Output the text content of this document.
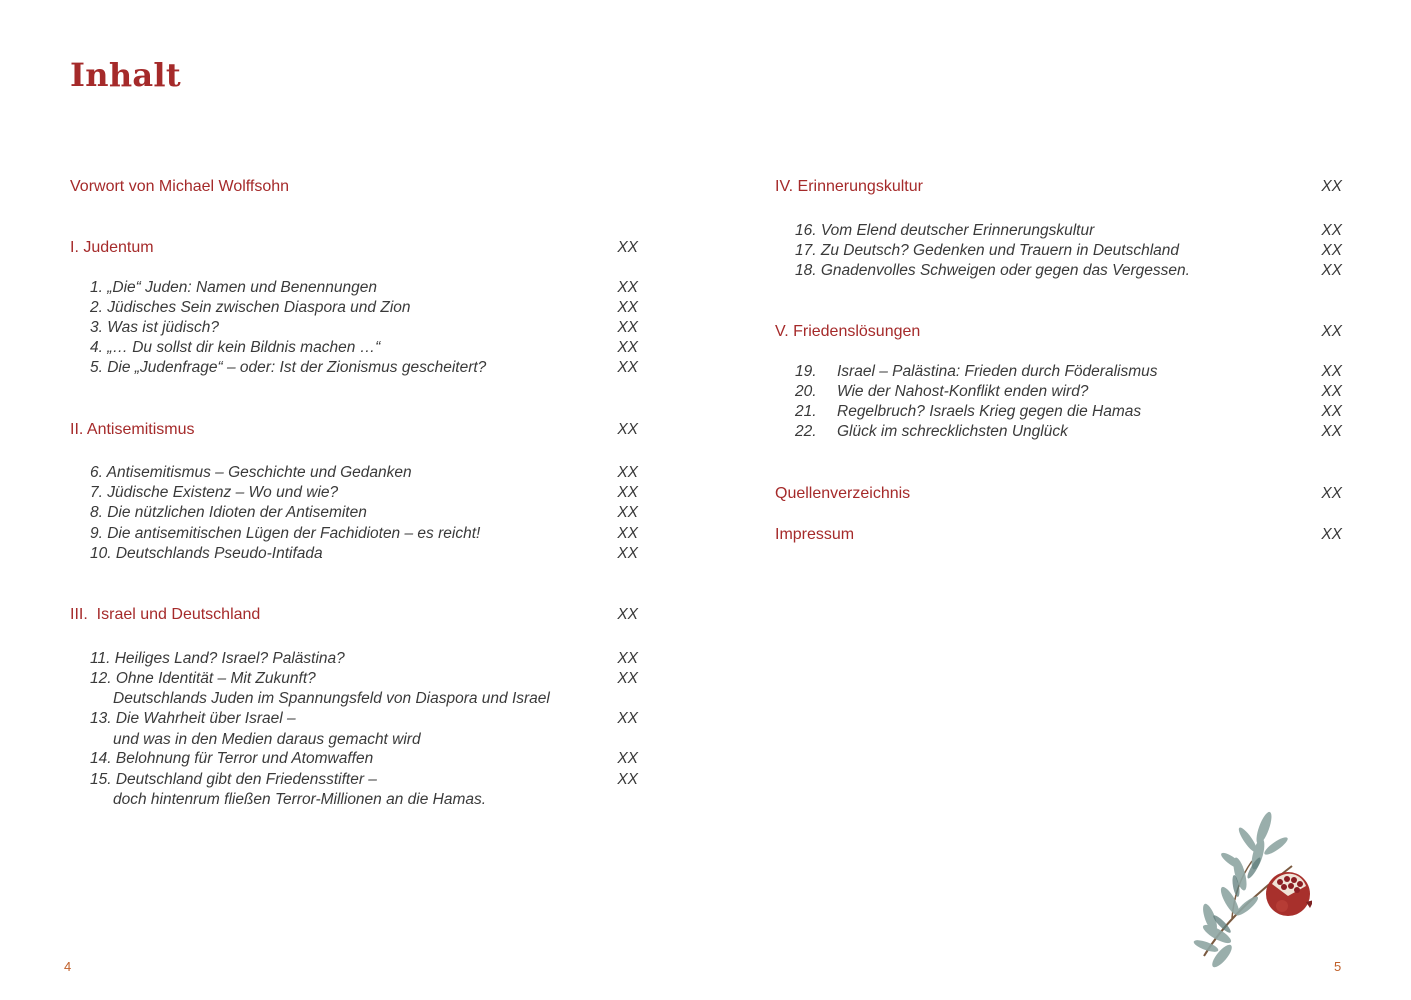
Inhalt
Vorwort von Michael Wolffsohn
I. Judentum	XX
1. „Die“ Juden: Namen und Benennungen	XX
2. Jüdisches Sein zwischen Diaspora und Zion	XX
3. Was ist jüdisch?	XX
4. „… Du sollst dir kein Bildnis machen …“	XX
5. Die „Judenfrage“ – oder: Ist der Zionismus gescheitert?	XX
II. Antisemitismus	XX
6. Antisemitismus – Geschichte und Gedanken	XX
7. Jüdische Existenz – Wo und wie?	XX
8. Die nützlichen Idioten der Antisemiten	XX
9. Die antisemitischen Lügen der Fachidioten – es reicht!	XX
10. Deutschlands Pseudo-Intifada	XX
III.  Israel und Deutschland	XX
11. Heiliges Land? Israel? Palästina?	XX
12. Ohne Identität – Mit Zukunft?	XX
Deutschlands Juden im Spannungsfeld von Diaspora und Israel
13. Die Wahrheit über Israel –	XX
und was in den Medien daraus gemacht wird
14. Belohnung für Terror und Atomwaffen	XX
15. Deutschland gibt den Friedensstifter –	XX
doch hintenrum fließen Terror-Millionen an die Hamas.
IV. Erinnerungskultur	XX
16. Vom Elend deutscher Erinnerungskultur	XX
17. Zu Deutsch? Gedenken und Trauern in Deutschland	XX
18. Gnadenvolles Schweigen oder gegen das Vergessen.	XX
V. Friedenslösungen	XX
19. Israel – Palästina: Frieden durch Föderalismus	XX
20. Wie der Nahost-Konflikt enden wird?	XX
21. Regelbruch? Israels Krieg gegen die Hamas	XX
22. Glück im schrecklichsten Unglück	XX
Quellenverzeichnis	XX
Impressum	XX
4	5
